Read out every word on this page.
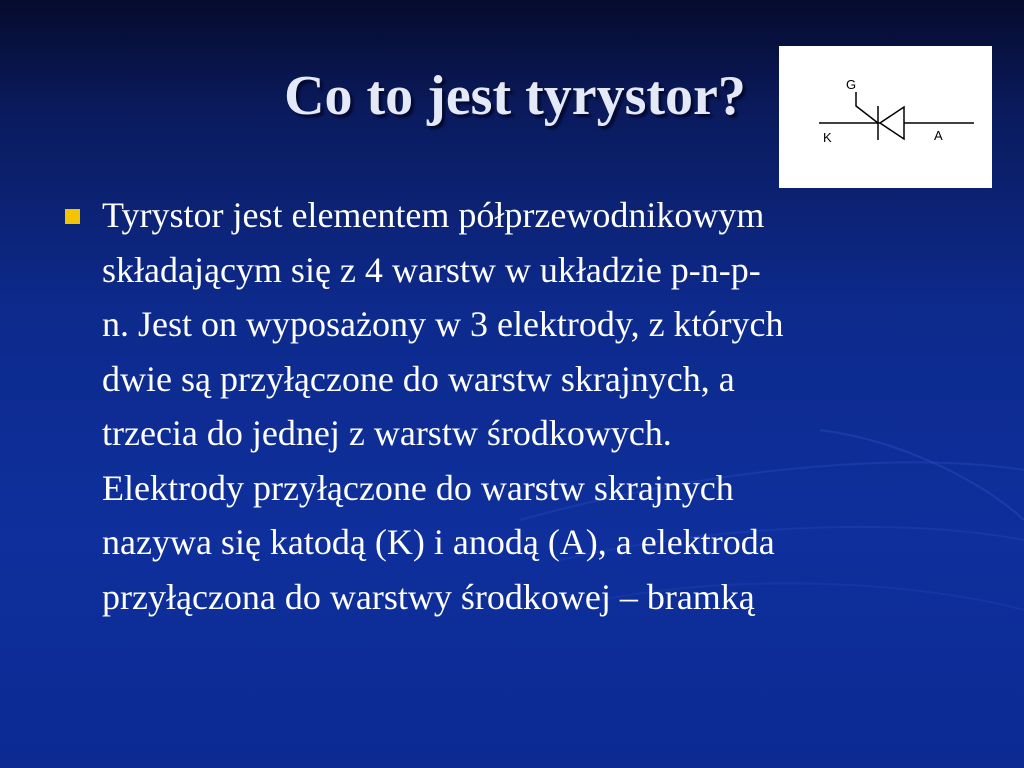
Co to jest tyrystor?	G
K	A
Tyrystor jest elementem półprzewodnikowym
składającym się z 4 warstw w układzie p-n-p-
n. Jest on wyposażony w 3 elektrody, z których
dwie są przyłączone do warstw skrajnych, a
trzecia do jednej z warstw środkowych.
Elektrody przyłączone do warstw skrajnych
nazywa się katodą (K) i anodą (A), a elektroda
przyłączona do warstwy środkowej – bramką
